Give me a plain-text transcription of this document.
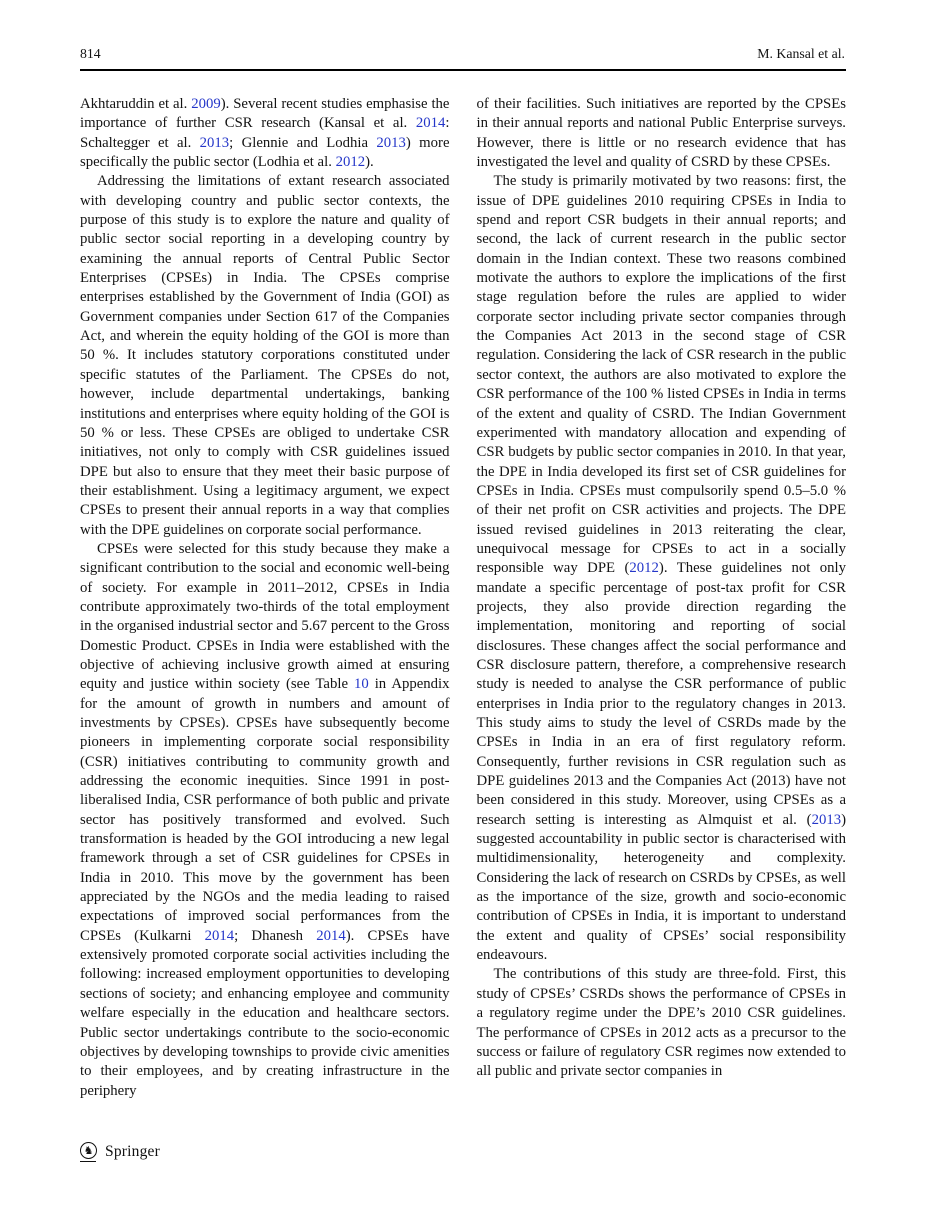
814	M. Kansal et al.

Akhtaruddin et al. 2009). Several recent studies emphasise the importance of further CSR research (Kansal et al. 2014: Schaltegger et al. 2013; Glennie and Lodhia 2013) more specifically the public sector (Lodhia et al. 2012).

Addressing the limitations of extant research associated with developing country and public sector contexts, the purpose of this study is to explore the nature and quality of public sector social reporting in a developing country by examining the annual reports of Central Public Sector Enterprises (CPSEs) in India. The CPSEs comprise enterprises established by the Government of India (GOI) as Government companies under Section 617 of the Companies Act, and wherein the equity holding of the GOI is more than 50 %. It includes statutory corporations constituted under specific statutes of the Parliament. The CPSEs do not, however, include departmental undertakings, banking institutions and enterprises where equity holding of the GOI is 50 % or less. These CPSEs are obliged to undertake CSR initiatives, not only to comply with CSR guidelines issued DPE but also to ensure that they meet their basic purpose of their establishment. Using a legitimacy argument, we expect CPSEs to present their annual reports in a way that complies with the DPE guidelines on corporate social performance.

CPSEs were selected for this study because they make a significant contribution to the social and economic well-being of society. For example in 2011–2012, CPSEs in India contribute approximately two-thirds of the total employment in the organised industrial sector and 5.67 percent to the Gross Domestic Product. CPSEs in India were established with the objective of achieving inclusive growth aimed at ensuring equity and justice within society (see Table 10 in Appendix for the amount of growth in numbers and amount of investments by CPSEs). CPSEs have subsequently become pioneers in implementing corporate social responsibility (CSR) initiatives contributing to community growth and addressing the economic inequities. Since 1991 in post-liberalised India, CSR performance of both public and private sector has positively transformed and evolved. Such transformation is headed by the GOI introducing a new legal framework through a set of CSR guidelines for CPSEs in India in 2010. This move by the government has been appreciated by the NGOs and the media leading to raised expectations of improved social performances from the CPSEs (Kulkarni 2014; Dhanesh 2014). CPSEs have extensively promoted corporate social activities including the following: increased employment opportunities to developing sections of society; and enhancing employee and community welfare especially in the education and healthcare sectors. Public sector undertakings contribute to the socio-economic objectives by developing townships to provide civic amenities to their employees, and by creating infrastructure in the periphery

of their facilities. Such initiatives are reported by the CPSEs in their annual reports and national Public Enterprise surveys. However, there is little or no research evidence that has investigated the level and quality of CSRD by these CPSEs.

The study is primarily motivated by two reasons: first, the issue of DPE guidelines 2010 requiring CPSEs in India to spend and report CSR budgets in their annual reports; and second, the lack of current research in the public sector domain in the Indian context. These two reasons combined motivate the authors to explore the implications of the first stage regulation before the rules are applied to wider corporate sector including private sector companies through the Companies Act 2013 in the second stage of CSR regulation. Considering the lack of CSR research in the public sector context, the authors are also motivated to explore the CSR performance of the 100 % listed CPSEs in India in terms of the extent and quality of CSRD. The Indian Government experimented with mandatory allocation and expending of CSR budgets by public sector companies in 2010. In that year, the DPE in India developed its first set of CSR guidelines for CPSEs in India. CPSEs must compulsorily spend 0.5–5.0 % of their net profit on CSR activities and projects. The DPE issued revised guidelines in 2013 reiterating the clear, unequivocal message for CPSEs to act in a socially responsible way DPE (2012). These guidelines not only mandate a specific percentage of post-tax profit for CSR projects, they also provide direction regarding the implementation, monitoring and reporting of social disclosures. These changes affect the social performance and CSR disclosure pattern, therefore, a comprehensive research study is needed to analyse the CSR performance of public enterprises in India prior to the regulatory changes in 2013. This study aims to study the level of CSRDs made by the CPSEs in India in an era of first regulatory reform. Consequently, further revisions in CSR regulation such as DPE guidelines 2013 and the Companies Act (2013) have not been considered in this study. Moreover, using CPSEs as a research setting is interesting as Almquist et al. (2013) suggested accountability in public sector is characterised with multidimensionality, heterogeneity and complexity. Considering the lack of research on CSRDs by CPSEs, as well as the importance of the size, growth and socio-economic contribution of CPSEs in India, it is important to understand the extent and quality of CPSEs’ social responsibility endeavours.

The contributions of this study are three-fold. First, this study of CPSEs’ CSRDs shows the performance of CPSEs in a regulatory regime under the DPE’s 2010 CSR guidelines. The performance of CPSEs in 2012 acts as a precursor to the success or failure of regulatory CSR regimes now extended to all public and private sector companies in

♞ Springer
